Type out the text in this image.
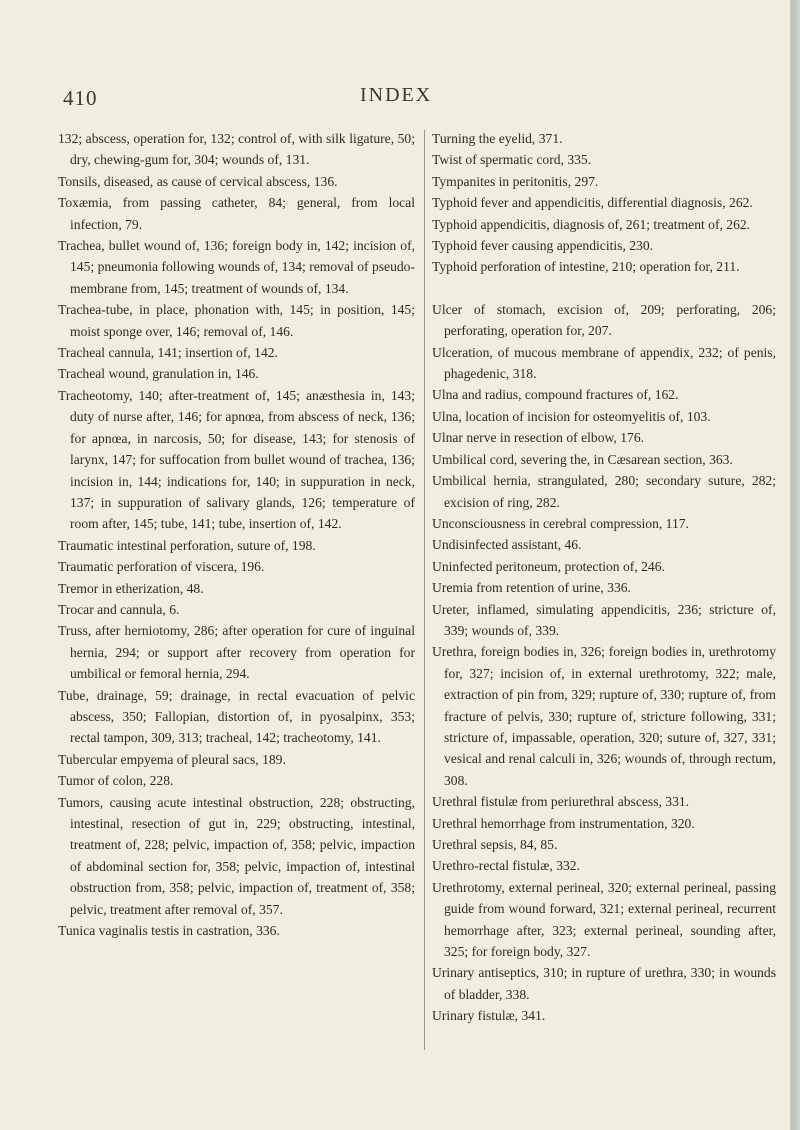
410	INDEX

132; abscess, operation for, 132; control of, with silk ligature, 50; dry, chewing-gum for, 304; wounds of, 131.

Tonsils, diseased, as cause of cervical abscess, 136.

Toxæmia, from passing catheter, 84; general, from local infection, 79.

Trachea, bullet wound of, 136; foreign body in, 142; incision of, 145; pneumonia following wounds of, 134; removal of pseudo-membrane from, 145; treatment of wounds of, 134.

Trachea-tube, in place, phonation with, 145; in position, 145; moist sponge over, 146; removal of, 146.

Tracheal cannula, 141; insertion of, 142.

Tracheal wound, granulation in, 146.

Tracheotomy, 140; after-treatment of, 145; anæsthesia in, 143; duty of nurse after, 146; for apnœa, from abscess of neck, 136; for apnœa, in narcosis, 50; for disease, 143; for stenosis of larynx, 147; for suffocation from bullet wound of trachea, 136; incision in, 144; indications for, 140; in suppuration in neck, 137; in suppuration of salivary glands, 126; temperature of room after, 145; tube, 141; tube, insertion of, 142.

Traumatic intestinal perforation, suture of, 198.

Traumatic perforation of viscera, 196.

Tremor in etherization, 48.

Trocar and cannula, 6.

Truss, after herniotomy, 286; after operation for cure of inguinal hernia, 294; or support after recovery from operation for umbilical or femoral hernia, 294.

Tube, drainage, 59; drainage, in rectal evacuation of pelvic abscess, 350; Fallopian, distortion of, in pyosalpinx, 353; rectal tampon, 309, 313; tracheal, 142; tracheotomy, 141.

Tubercular empyema of pleural sacs, 189.

Tumor of colon, 228.

Tumors, causing acute intestinal obstruction, 228; obstructing, intestinal, resection of gut in, 229; obstructing, intestinal, treatment of, 228; pelvic, impaction of, 358; pelvic, impaction of abdominal section for, 358; pelvic, impaction of, intestinal obstruction from, 358; pelvic, impaction of, treatment of, 358; pelvic, treatment after removal of, 357.

Tunica vaginalis testis in castration, 336.

Turning the eyelid, 371.

Twist of spermatic cord, 335.

Tympanites in peritonitis, 297.

Typhoid fever and appendicitis, differential diagnosis, 262.

Typhoid appendicitis, diagnosis of, 261; treatment of, 262.

Typhoid fever causing appendicitis, 230.

Typhoid perforation of intestine, 210; operation for, 211.

Ulcer of stomach, excision of, 209; perforating, 206; perforating, operation for, 207.

Ulceration, of mucous membrane of appendix, 232; of penis, phagedenic, 318.

Ulna and radius, compound fractures of, 162.

Ulna, location of incision for osteomyelitis of, 103.

Ulnar nerve in resection of elbow, 176.

Umbilical cord, severing the, in Cæsarean section, 363.

Umbilical hernia, strangulated, 280; secondary suture, 282; excision of ring, 282.

Unconsciousness in cerebral compression, 117.

Undisinfected assistant, 46.

Uninfected peritoneum, protection of, 246.

Uremia from retention of urine, 336.

Ureter, inflamed, simulating appendicitis, 236; stricture of, 339; wounds of, 339.

Urethra, foreign bodies in, 326; foreign bodies in, urethrotomy for, 327; incision of, in external urethrotomy, 322; male, extraction of pin from, 329; rupture of, 330; rupture of, from fracture of pelvis, 330; rupture of, stricture following, 331; stricture of, impassable, operation, 320; suture of, 327, 331; vesical and renal calculi in, 326; wounds of, through rectum, 308.

Urethral fistulæ from periurethral abscess, 331.

Urethral hemorrhage from instrumentation, 320.

Urethral sepsis, 84, 85.

Urethro-rectal fistulæ, 332.

Urethrotomy, external perineal, 320; external perineal, passing guide from wound forward, 321; external perineal, recurrent hemorrhage after, 323; external perineal, sounding after, 325; for foreign body, 327.

Urinary antiseptics, 310; in rupture of urethra, 330; in wounds of bladder, 338.

Urinary fistulæ, 341.
